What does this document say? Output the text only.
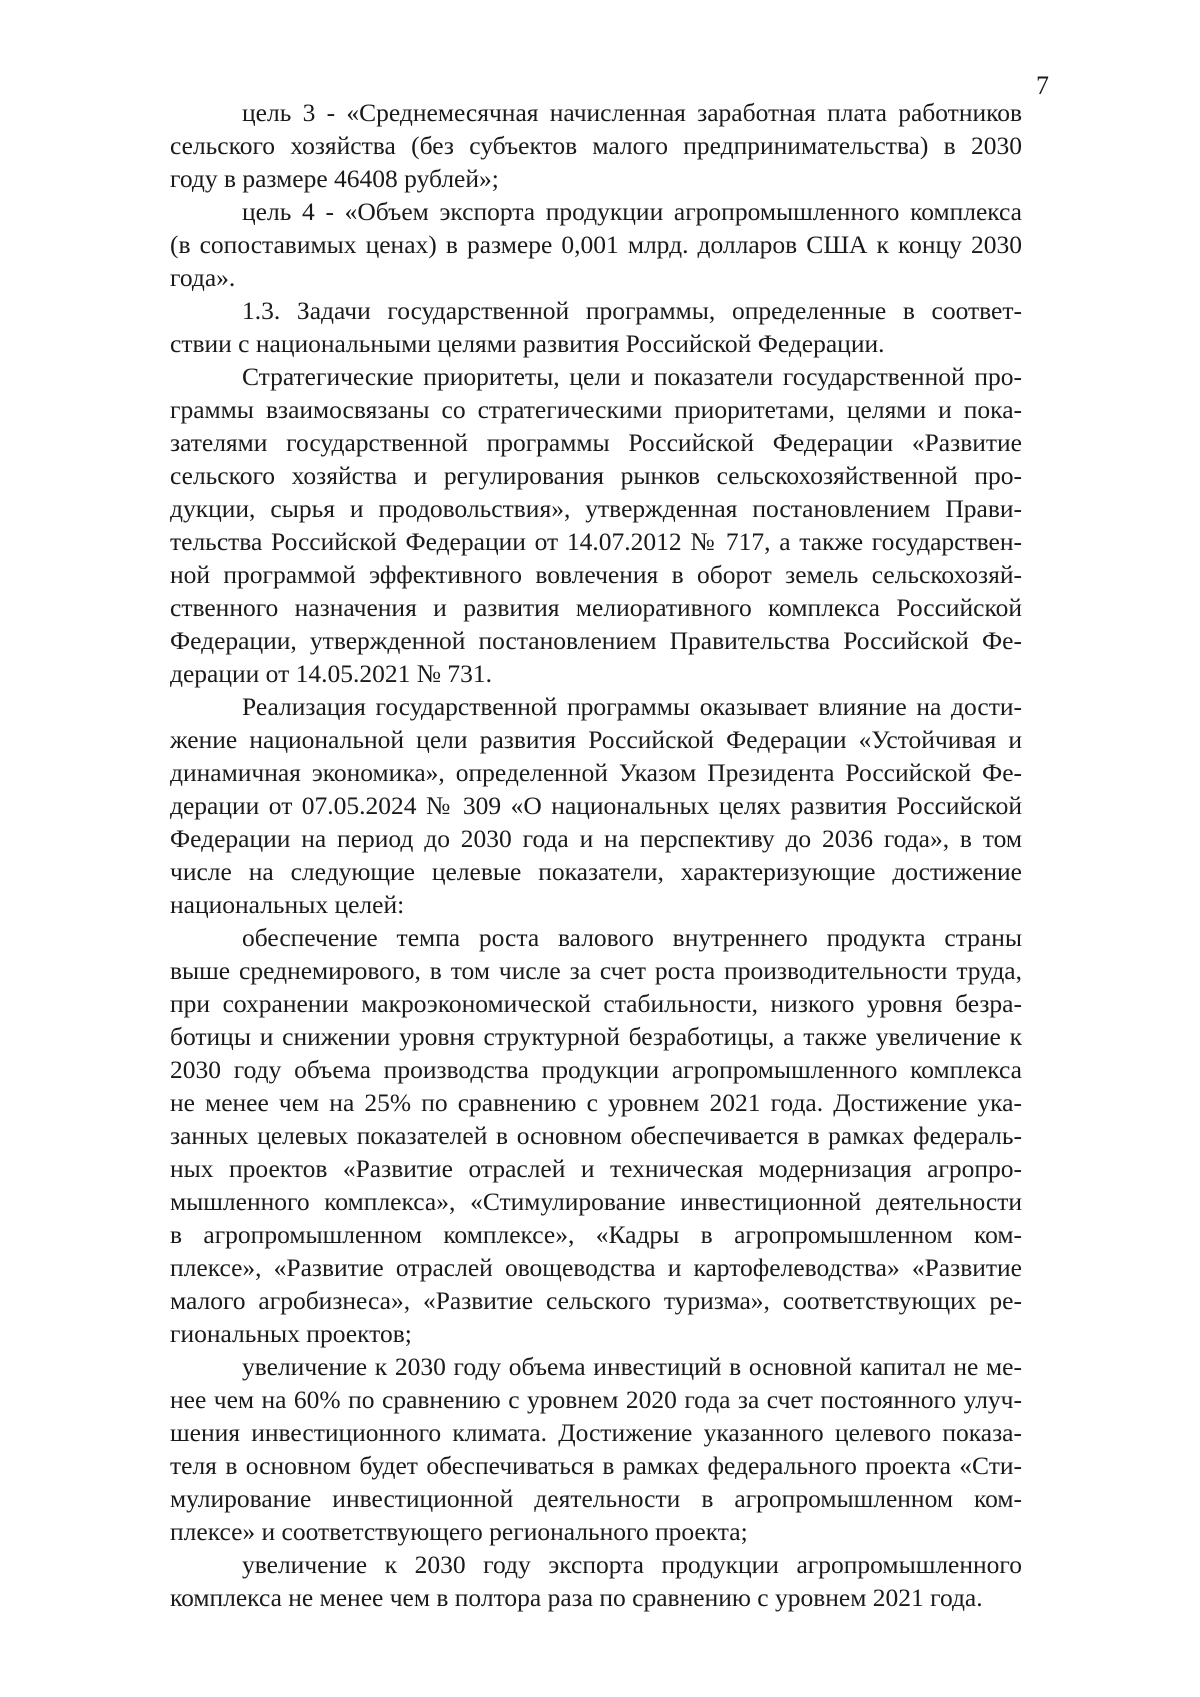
7
цель 3 - «Среднемесячная начисленная заработная плата работников
сельского хозяйства (без субъектов малого предпринимательства) в 2030
году в размере 46408 рублей»;
цель 4 - «Объем экспорта продукции агропромышленного комплекса
(в сопоставимых ценах) в размере 0,001 млрд. долларов США к концу 2030
года».
1.3. Задачи государственной программы, определенные в соответ-
ствии с национальными целями развития Российской Федерации.
Стратегические приоритеты, цели и показатели государственной про-
граммы взаимосвязаны со стратегическими приоритетами, целями и пока-
зателями государственной программы Российской Федерации «Развитие
сельского хозяйства и регулирования рынков сельскохозяйственной про-
дукции, сырья и продовольствия», утвержденная постановлением Прави-
тельства Российской Федерации от 14.07.2012 № 717, а также государствен-
ной программой эффективного вовлечения в оборот земель сельскохозяй-
ственного назначения и развития мелиоративного комплекса Российской
Федерации, утвержденной постановлением Правительства Российской Фе-
дерации от 14.05.2021 № 731.
Реализация государственной программы оказывает влияние на дости-
жение национальной цели развития Российской Федерации «Устойчивая и
динамичная экономика», определенной Указом Президента Российской Фе-
дерации от 07.05.2024 № 309 «О национальных целях развития Российской
Федерации на период до 2030 года и на перспективу до 2036 года», в том
числе на следующие целевые показатели, характеризующие достижение
национальных целей:
обеспечение темпа роста валового внутреннего продукта страны
выше среднемирового, в том числе за счет роста производительности труда,
при сохранении макроэкономической стабильности, низкого уровня безра-
ботицы и снижении уровня структурной безработицы, а также увеличение к
2030 году объема производства продукции агропромышленного комплекса
не менее чем на 25% по сравнению с уровнем 2021 года. Достижение ука-
занных целевых показателей в основном обеспечивается в рамках федераль-
ных проектов «Развитие отраслей и техническая модернизация агропро-
мышленного комплекса», «Стимулирование инвестиционной деятельности
в агропромышленном комплексе», «Кадры в агропромышленном ком-
плексе», «Развитие отраслей овощеводства и картофелеводства» «Развитие
малого агробизнеса», «Развитие сельского туризма», соответствующих ре-
гиональных проектов;
увеличение к 2030 году объема инвестиций в основной капитал не ме-
нее чем на 60% по сравнению с уровнем 2020 года за счет постоянного улуч-
шения инвестиционного климата. Достижение указанного целевого показа-
теля в основном будет обеспечиваться в рамках федерального проекта «Сти-
мулирование инвестиционной деятельности в агропромышленном ком-
плексе» и соответствующего регионального проекта;
увеличение к 2030 году экспорта продукции агропромышленного
комплекса не менее чем в полтора раза по сравнению с уровнем 2021 года.
